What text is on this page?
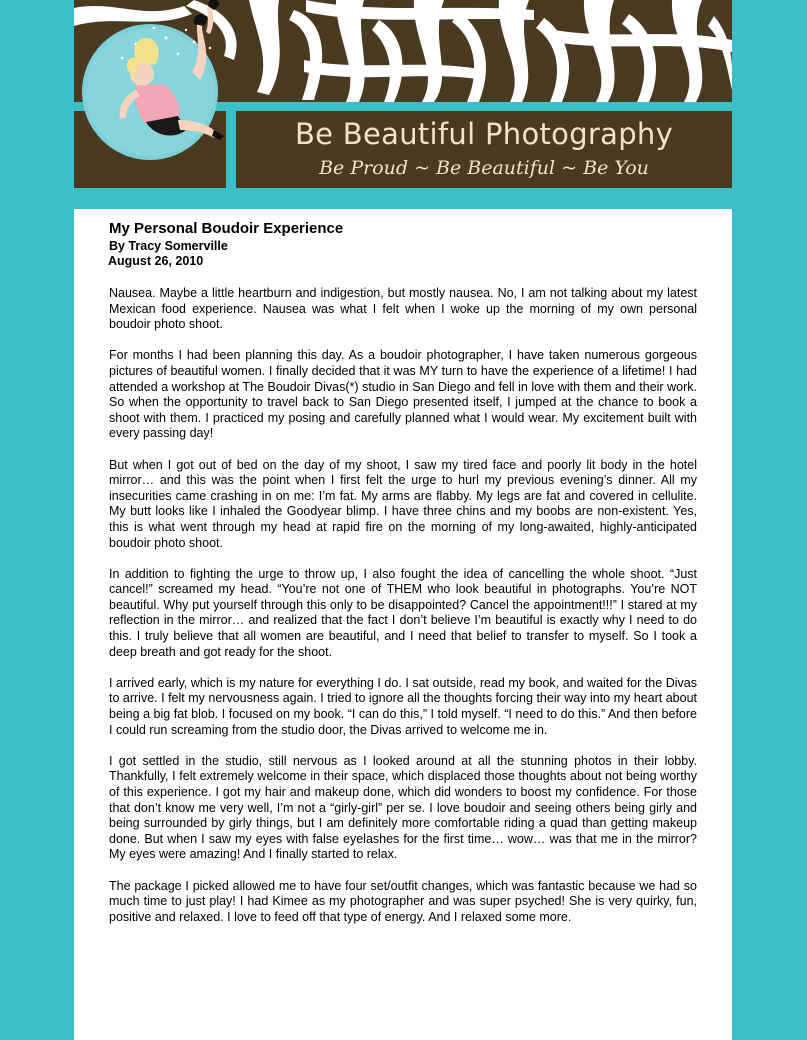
Be Beautiful Photography
Be Proud ~ Be Beautiful ~ Be You
My Personal Boudoir Experience

By Tracy Somerville

August 26, 2010

Nausea. Maybe a little heartburn and indigestion, but mostly nausea. No, I am not talking about my latest Mexican food experience. Nausea was what I felt when I woke up the morning of my own personal boudoir photo shoot.

For months I had been planning this day. As a boudoir photographer, I have taken numerous gorgeous pictures of beautiful women. I finally decided that it was MY turn to have the experience of a lifetime! I had attended a workshop at The Boudoir Divas(*) studio in San Diego and fell in love with them and their work. So when the opportunity to travel back to San Diego presented itself, I jumped at the chance to book a shoot with them. I practiced my posing and carefully planned what I would wear. My excitement built with every passing day!

But when I got out of bed on the day of my shoot, I saw my tired face and poorly lit body in the hotel mirror… and this was the point when I first felt the urge to hurl my previous evening’s dinner. All my insecurities came crashing in on me: I’m fat. My arms are flabby. My legs are fat and covered in cellulite. My butt looks like I inhaled the Goodyear blimp. I have three chins and my boobs are non-existent. Yes, this is what went through my head at rapid fire on the morning of my long-awaited, highly-anticipated boudoir photo shoot.

In addition to fighting the urge to throw up, I also fought the idea of cancelling the whole shoot. “Just cancel!” screamed my head. “You’re not one of THEM who look beautiful in photographs. You’re NOT beautiful. Why put yourself through this only to be disappointed? Cancel the appointment!!!” I stared at my reflection in the mirror… and realized that the fact I don’t believe I’m beautiful is exactly why I need to do this. I truly believe that all women are beautiful, and I need that belief to transfer to myself. So I took a deep breath and got ready for the shoot.

I arrived early, which is my nature for everything I do. I sat outside, read my book, and waited for the Divas to arrive. I felt my nervousness again. I tried to ignore all the thoughts forcing their way into my heart about being a big fat blob. I focused on my book. “I can do this,” I told myself. “I need to do this.” And then before I could run screaming from the studio door, the Divas arrived to welcome me in.

I got settled in the studio, still nervous as I looked around at all the stunning photos in their lobby. Thankfully, I felt extremely welcome in their space, which displaced those thoughts about not being worthy of this experience. I got my hair and makeup done, which did wonders to boost my confidence. For those that don’t know me very well, I’m not a “girly-girl” per se. I love boudoir and seeing others being girly and being surrounded by girly things, but I am definitely more comfortable riding a quad than getting makeup done. But when I saw my eyes with false eyelashes for the first time… wow… was that me in the mirror? My eyes were amazing! And I finally started to relax.

The package I picked allowed me to have four set/outfit changes, which was fantastic because we had so much time to just play! I had Kimee as my photographer and was super psyched! She is very quirky, fun, positive and relaxed. I love to feed off that type of energy. And I relaxed some more.
